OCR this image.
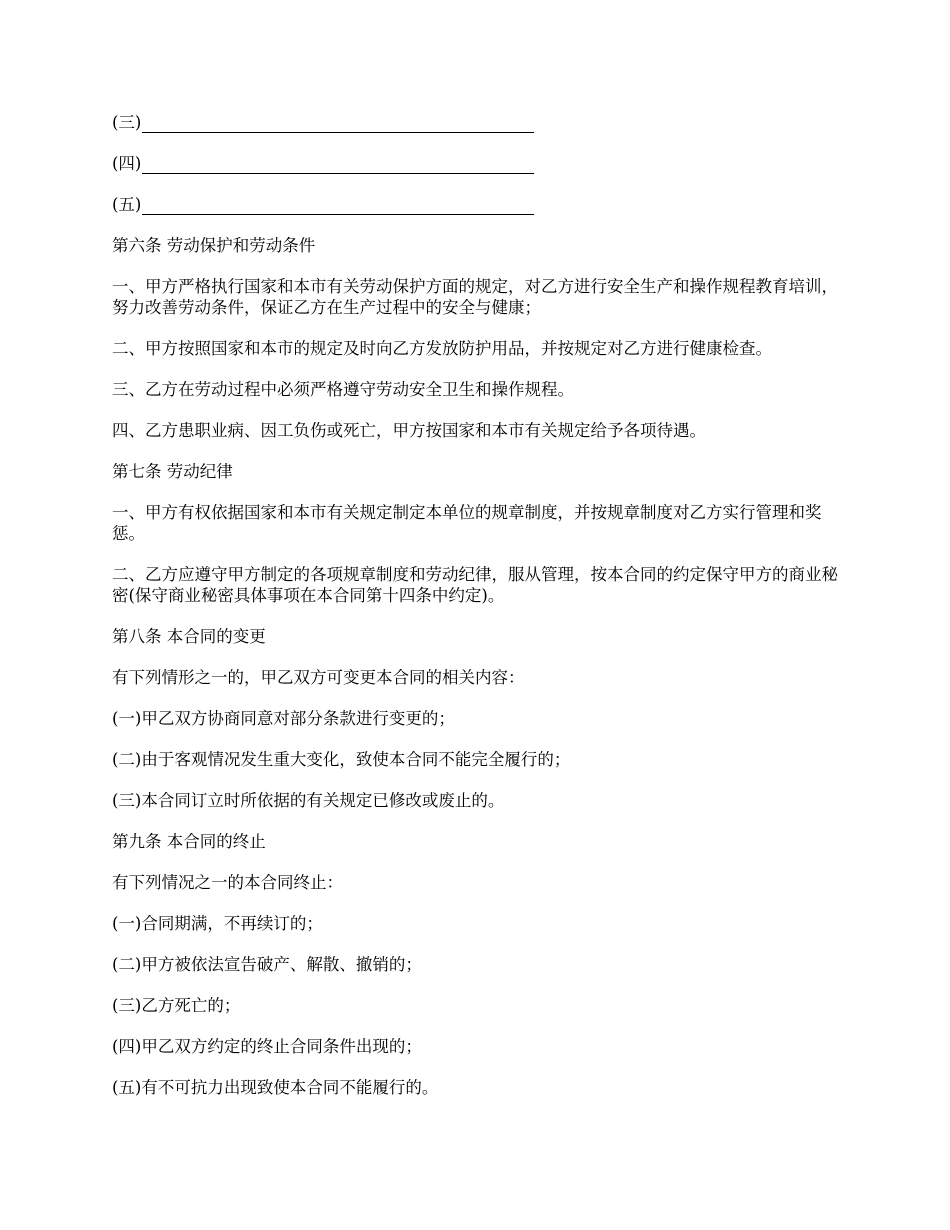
(三)
(四)
(五)

第六条 劳动保护和劳动条件

一、甲方严格执行国家和本市有关劳动保护方面的规定，对乙方进行安全生产和操作规程教育培训，努力改善劳动条件，保证乙方在生产过程中的安全与健康；

二、甲方按照国家和本市的规定及时向乙方发放防护用品，并按规定对乙方进行健康检查。

三、乙方在劳动过程中必须严格遵守劳动安全卫生和操作规程。

四、乙方患职业病、因工负伤或死亡，甲方按国家和本市有关规定给予各项待遇。

第七条 劳动纪律

一、甲方有权依据国家和本市有关规定制定本单位的规章制度，并按规章制度对乙方实行管理和奖惩。

二、乙方应遵守甲方制定的各项规章制度和劳动纪律，服从管理，按本合同的约定保守甲方的商业秘密(保守商业秘密具体事项在本合同第十四条中约定)。

第八条 本合同的变更

有下列情形之一的，甲乙双方可变更本合同的相关内容：

(一)甲乙双方协商同意对部分条款进行变更的；

(二)由于客观情况发生重大变化，致使本合同不能完全履行的；

(三)本合同订立时所依据的有关规定已修改或废止的。

第九条 本合同的终止

有下列情况之一的本合同终止：

(一)合同期满，不再续订的；

(二)甲方被依法宣告破产、解散、撤销的；

(三)乙方死亡的；

(四)甲乙双方约定的终止合同条件出现的；

(五)有不可抗力出现致使本合同不能履行的。
